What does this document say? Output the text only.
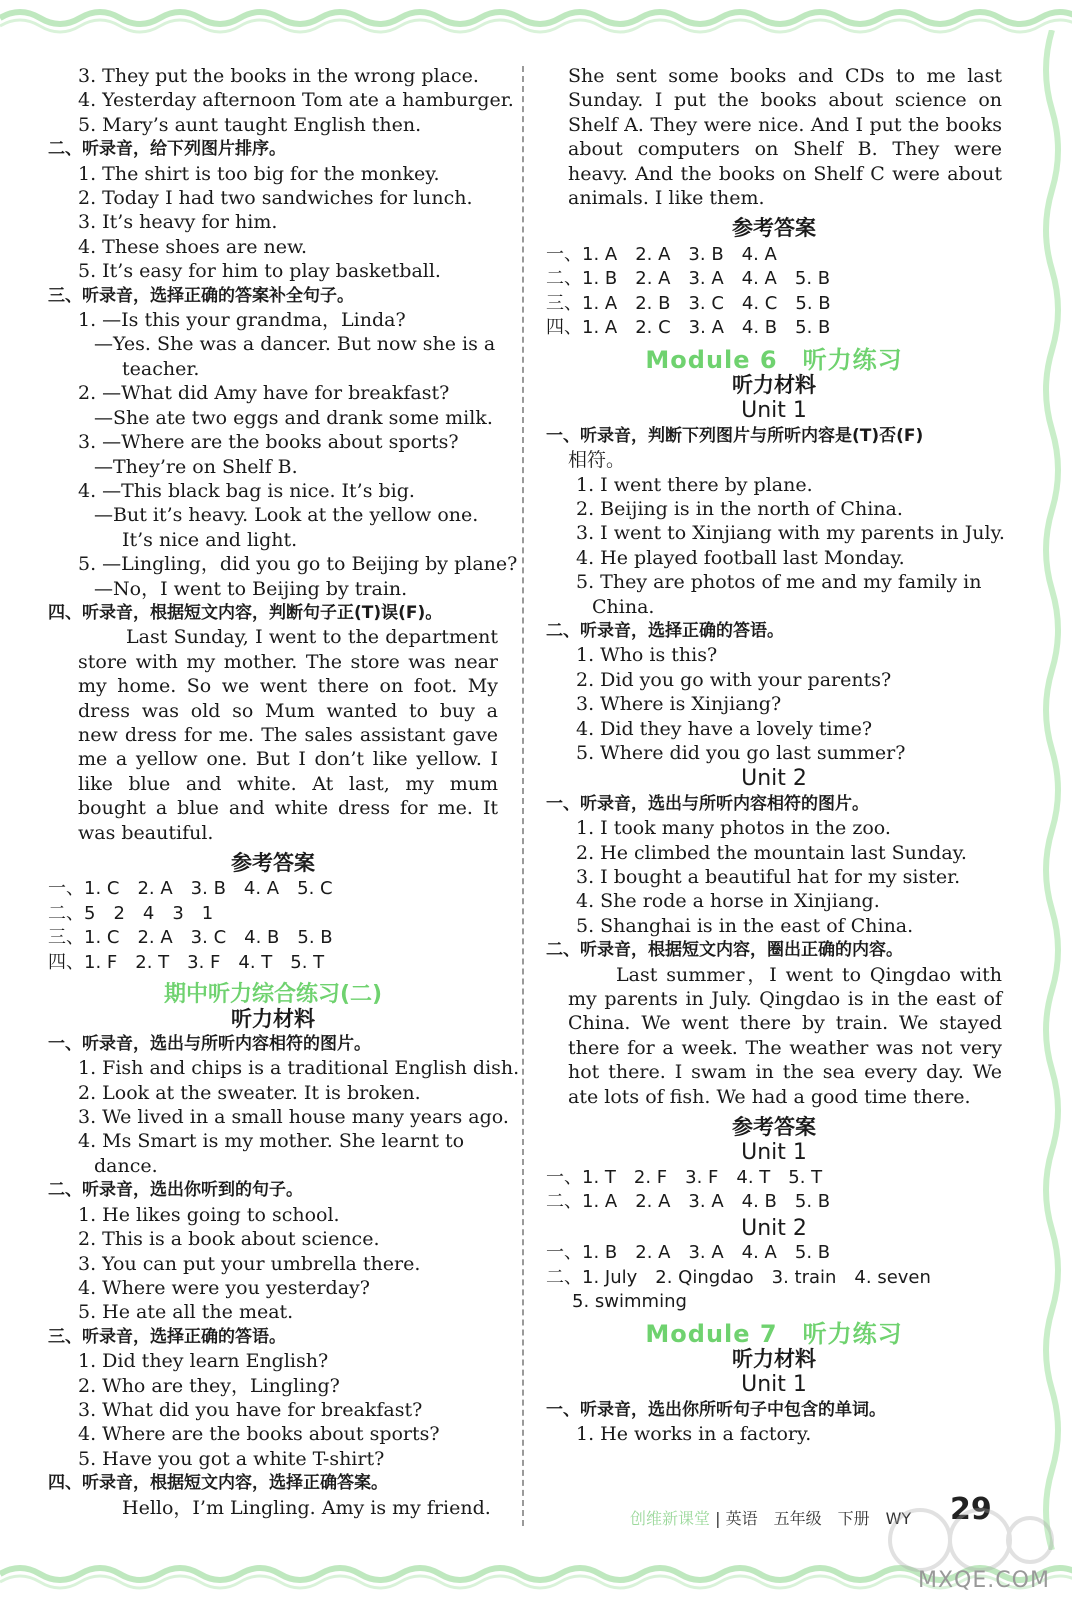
3. They put the books in the wrong place.
4. Yesterday afternoon Tom ate a hamburger.
5. Mary’s aunt taught English then.
二、听录音，给下列图片排序。
1. The shirt is too big for the monkey.
2. Today I had two sandwiches for lunch.
3. It’s heavy for him.
4. These shoes are new.
5. It’s easy for him to play basketball.
三、听录音，选择正确的答案补全句子。
1. —Is this your grandma，Linda?
—Yes. She was a dancer. But now she is a
teacher.
2. —What did Amy have for breakfast?
—She ate two eggs and drank some milk.
3. —Where are the books about sports?
—They’re on Shelf B.
4. —This black bag is nice. It’s big.
—But it’s heavy. Look at the yellow one.
It’s nice and light.
5. —Lingling，did you go to Beijing by plane?
—No，I went to Beijing by train.
四、听录音，根据短文内容，判断句子正(T)误(F)。

Last Sunday, I went to the department store with my mother. The store was near my home. So we went there on foot. My dress was old so Mum wanted to buy a new dress for me. The sales assistant gave me a yellow one. But I don’t like yellow. I like blue and white. At last, my mum bought a blue and white dress for me. It was beautiful.

参考答案
一、1. C　2. A　3. B　4. A　5. C
二、5　2　4　3　1
三、1. C　2. A　3. C　4. B　5. B
四、1. F　2. T　3. F　4. T　5. T
期中听力综合练习(二)
听力材料
一、听录音，选出与所听内容相符的图片。
1. Fish and chips is a traditional English dish.
2. Look at the sweater. It is broken.
3. We lived in a small house many years ago.
4. Ms Smart is my mother. She learnt to
dance.
二、听录音，选出你听到的句子。
1. He likes going to school.
2. This is a book about science.
3. You can put your umbrella there.
4. Where were you yesterday?
5. He ate all the meat.
三、听录音，选择正确的答语。
1. Did they learn English?
2. Who are they，Lingling?
3. What did you have for breakfast?
4. Where are the books about sports?
5. Have you got a white T-shirt?
四、听录音，根据短文内容，选择正确答案。
Hello，I’m Lingling. Amy is my friend.

She sent some books and CDs to me last Sunday. I put the books about science on Shelf A. They were nice. And I put the books about computers on Shelf B. They were heavy. And the books on Shelf C were about animals. I like them.

参考答案
一、1. A　2. A　3. B　4. A
二、1. B　2. A　3. A　4. A　5. B
三、1. A　2. B　3. C　4. C　5. B
四、1. A　2. C　3. A　4. B　5. B
Module 6　听力练习
听力材料
Unit 1
一、听录音，判断下列图片与所听内容是(T)否(F)
相符。
1. I went there by plane.
2. Beijing is in the north of China.
3. I went to Xinjiang with my parents in July.
4. He played football last Monday.
5. They are photos of me and my family in
China.
二、听录音，选择正确的答语。
1. Who is this?
2. Did you go with your parents?
3. Where is Xinjiang?
4. Did they have a lovely time?
5. Where did you go last summer?
Unit 2
一、听录音，选出与所听内容相符的图片。
1. I took many photos in the zoo.
2. He climbed the mountain last Sunday.
3. I bought a beautiful hat for my sister.
4. She rode a horse in Xinjiang.
5. Shanghai is in the east of China.
二、听录音，根据短文内容，圈出正确的内容。

Last summer，I went to Qingdao with my parents in July. Qingdao is in the east of China. We went there by train. We stayed there for a week. The weather was not very hot there. I swam in the sea every day. We ate lots of fish. We had a good time there.

参考答案
Unit 1
一、1. T　2. F　3. F　4. T　5. T
二、1. A　2. A　3. A　4. B　5. B
Unit 2
一、1. B　2. A　3. A　4. A　5. B
二、1. July　2. Qingdao　3. train　4. seven
5. swimming
Module 7　听力练习
听力材料
Unit 1
一、听录音，选出你所听句子中包含的单词。
1. He works in a factory.
创维新课堂 | 英语　五年级　下册　WY 29
MXQE.COM
